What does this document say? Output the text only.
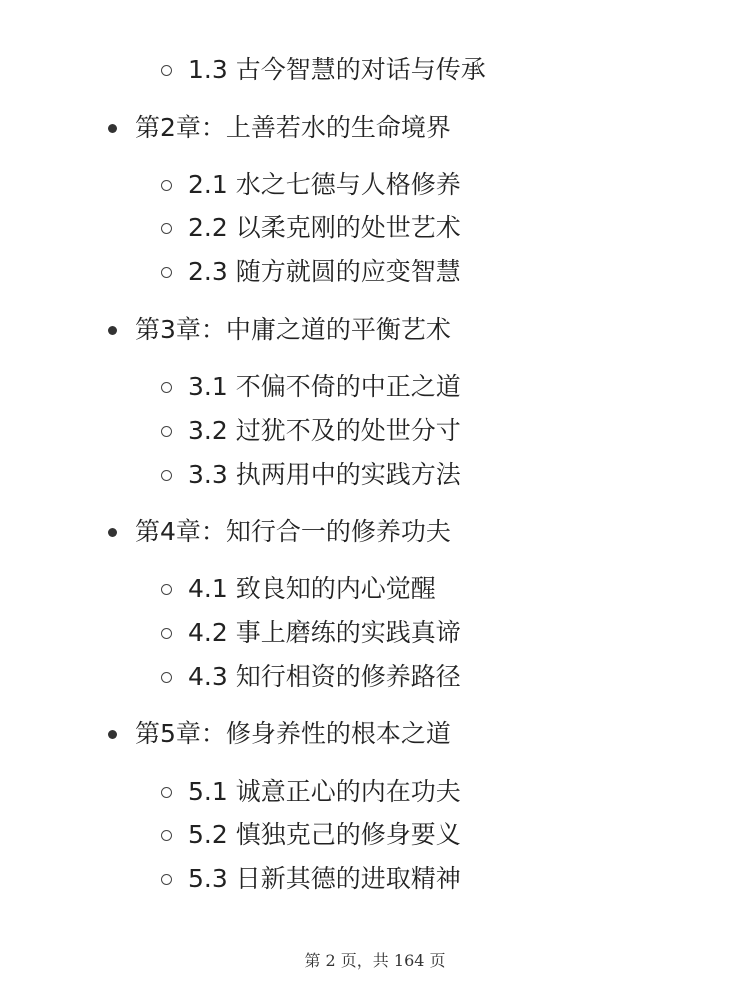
1.3 古今智慧的对话与传承
第2章：上善若水的生命境界
2.1 水之七德与人格修养
2.2 以柔克刚的处世艺术
2.3 随方就圆的应变智慧
第3章：中庸之道的平衡艺术
3.1 不偏不倚的中正之道
3.2 过犹不及的处世分寸
3.3 执两用中的实践方法
第4章：知行合一的修养功夫
4.1 致良知的内心觉醒
4.2 事上磨练的实践真谛
4.3 知行相资的修养路径
第5章：修身养性的根本之道
5.1 诚意正心的内在功夫
5.2 慎独克己的修身要义
5.3 日新其德的进取精神
第 2 页，共 164 页
